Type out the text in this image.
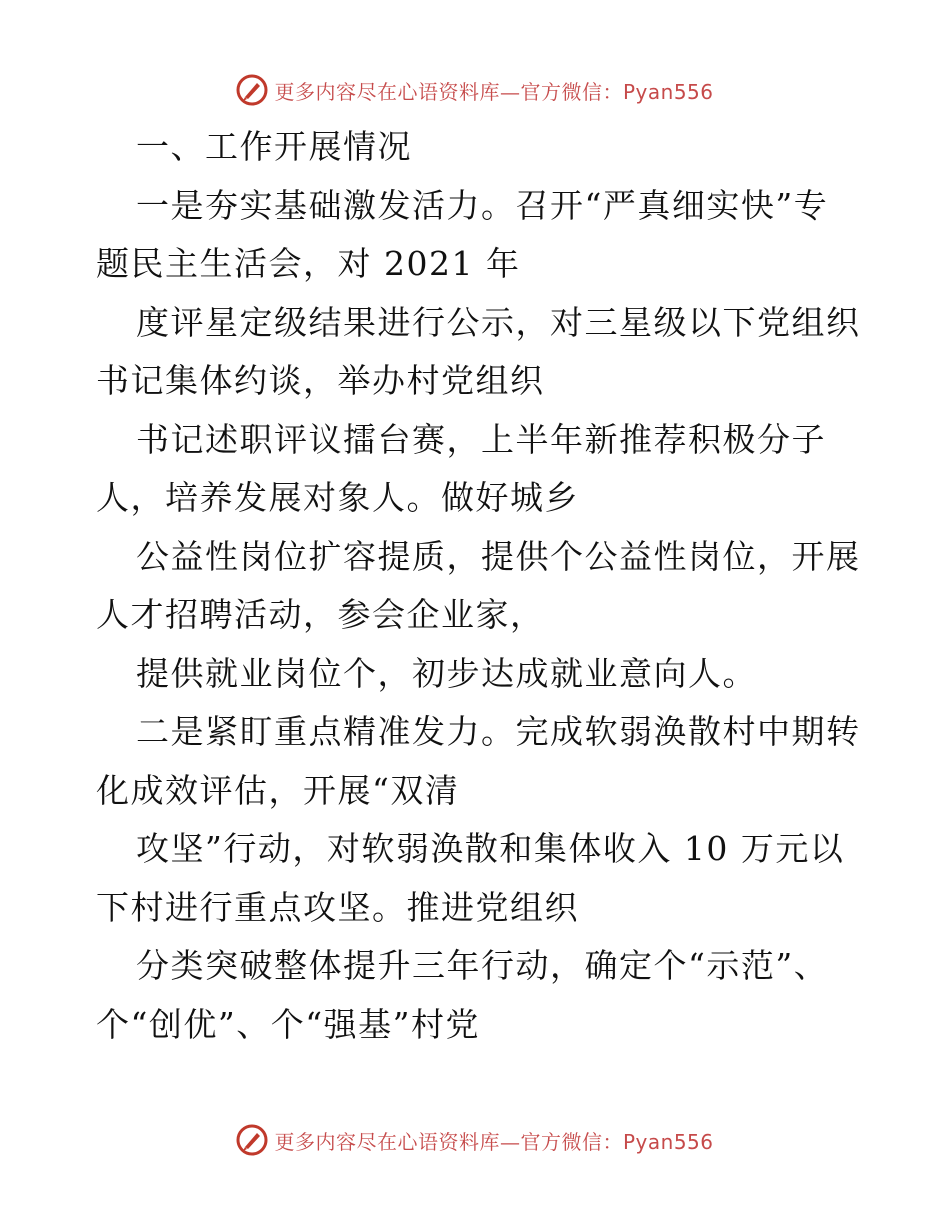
更多内容尽在心语资料库—官方微信：Pyan556
一、工作开展情况
一是夯实基础激发活力。召开“严真细实快”专
题民主生活会，对 2021 年
度评星定级结果进行公示，对三星级以下党组织
书记集体约谈，举办村党组织
书记述职评议擂台赛，上半年新推荐积极分子
人，培养发展对象人。做好城乡
公益性岗位扩容提质，提供个公益性岗位，开展
人才招聘活动，参会企业家，
提供就业岗位个，初步达成就业意向人。
二是紧盯重点精准发力。完成软弱涣散村中期转
化成效评估，开展“双清
攻坚”行动，对软弱涣散和集体收入 10 万元以
下村进行重点攻坚。推进党组织
分类突破整体提升三年行动，确定个“示范”、
个“创优”、个“强基”村党
更多内容尽在心语资料库—官方微信：Pyan556
